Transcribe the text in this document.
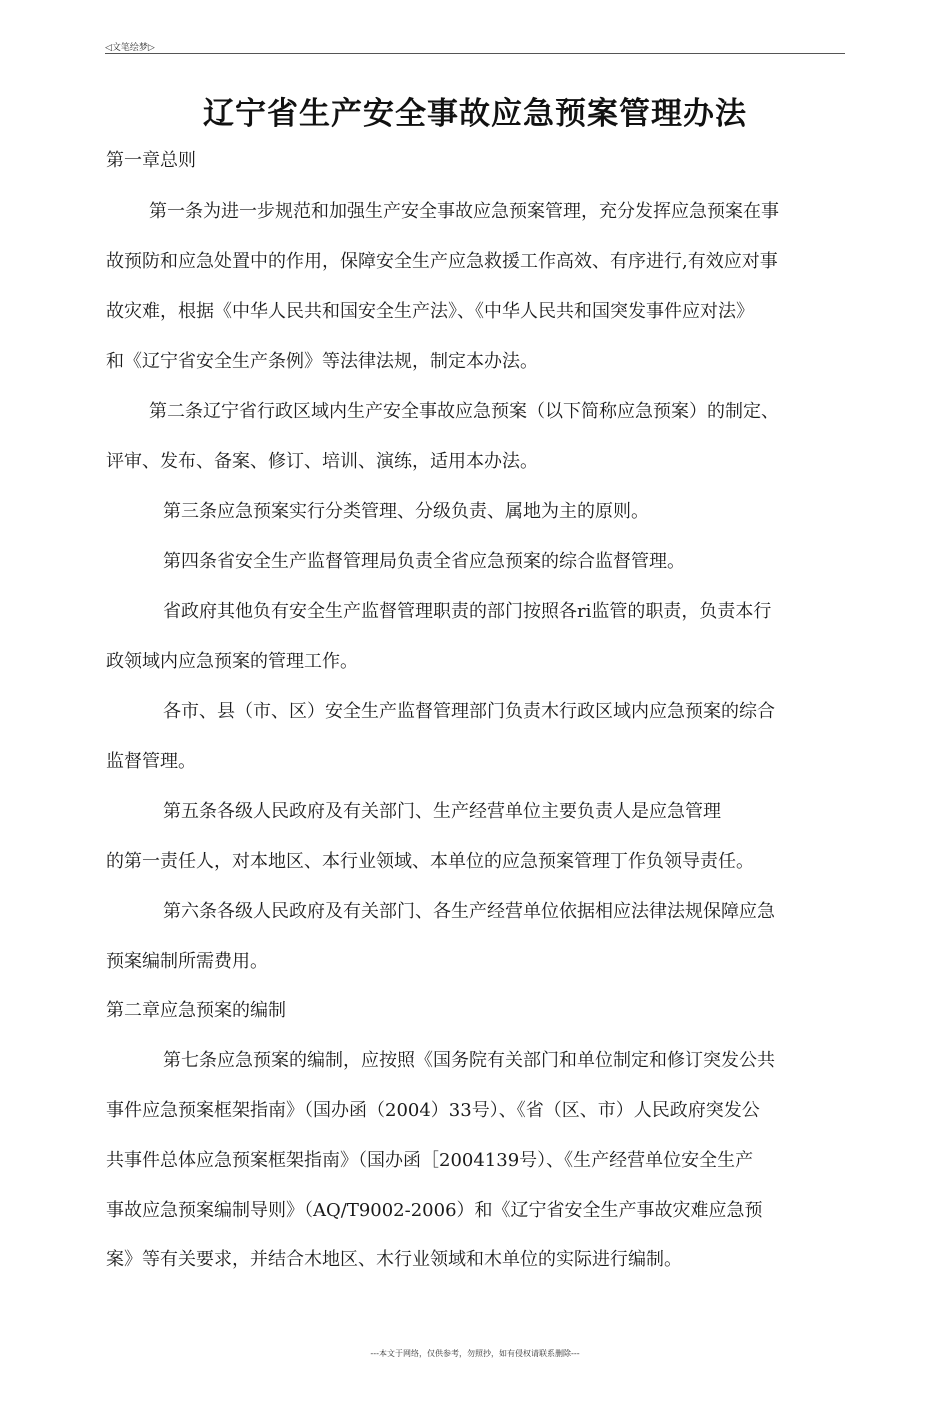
◁文笔绘梦▷
辽宁省生产安全事故应急预案管理办法
第一章总则
第一条为进一步规范和加强生产安全事故应急预案管理，充分发挥应急预案在事
故预防和应急处置中的作用，保障安全生产应急救援工作高效、有序进行,有效应对事
故灾难，根据《中华人民共和国安全生产法》、《中华人民共和国突发事件应对法》
和《辽宁省安全生产条例》等法律法规，制定本办法。
第二条辽宁省行政区域内生产安全事故应急预案（以下简称应急预案）的制定、
评审、发布、备案、修订、培训、演练，适用本办法。
第三条应急预案实行分类管理、分级负责、属地为主的原则。
第四条省安全生产监督管理局负责全省应急预案的综合监督管理。
省政府其他负有安全生产监督管理职责的部门按照各ri监管的职责，负责本行
政领域内应急预案的管理工作。
各市、县（市、区）安全生产监督管理部门负责木行政区域内应急预案的综合
监督管理。
第五条各级人民政府及有关部门、生产经营单位主要负责人是应急管理
的第一责任人，对本地区、本行业领域、本单位的应急预案管理丁作负领导责任。
第六条各级人民政府及有关部门、各生产经营单位依据相应法律法规保障应急
预案编制所需费用。
第二章应急预案的编制
第七条应急预案的编制，应按照《国务院有关部门和单位制定和修订突发公共
事件应急预案框架指南》（国办函（2004）33号）、《省（区、市）人民政府突发公
共事件总体应急预案框架指南》（国办函［2004139号）、《生产经营单位安全生产
事故应急预案编制导则》（AQ/T9002-2006）和《辽宁省安全生产事故灾难应急预
案》等有关要求，并结合木地区、木行业领域和木单位的实际进行编制。
---本文于网络，仅供参考，勿照抄，如有侵权请联系删除---
